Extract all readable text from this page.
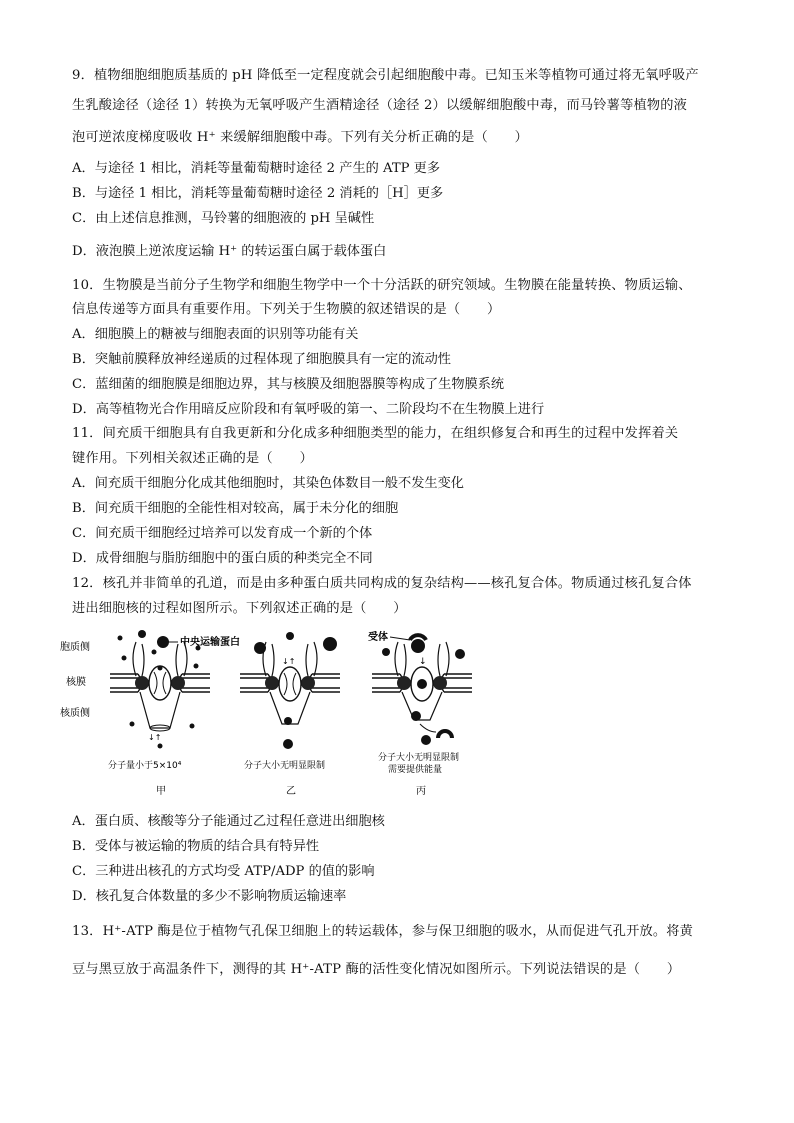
9．植物细胞细胞质基质的 pH 降低至一定程度就会引起细胞酸中毒。已知玉米等植物可通过将无氧呼吸产
生乳酸途径（途径 1）转换为无氧呼吸产生酒精途径（途径 2）以缓解细胞酸中毒，而马铃薯等植物的液
泡可逆浓度梯度吸收 H⁺ 来缓解细胞酸中毒。下列有关分析正确的是（　　）
A．与途径 1 相比，消耗等量葡萄糖时途径 2 产生的 ATP 更多
B．与途径 1 相比，消耗等量葡萄糖时途径 2 消耗的［H］更多
C．由上述信息推测，马铃薯的细胞液的 pH 呈碱性
D．液泡膜上逆浓度运输 H⁺ 的转运蛋白属于载体蛋白
10．生物膜是当前分子生物学和细胞生物学中一个十分活跃的研究领域。生物膜在能量转换、物质运输、
信息传递等方面具有重要作用。下列关于生物膜的叙述错误的是（　　）
A．细胞膜上的糖被与细胞表面的识别等功能有关
B．突触前膜释放神经递质的过程体现了细胞膜具有一定的流动性
C．蓝细菌的细胞膜是细胞边界，其与核膜及细胞器膜等构成了生物膜系统
D．高等植物光合作用暗反应阶段和有氧呼吸的第一、二阶段均不在生物膜上进行
11．间充质干细胞具有自我更新和分化成多种细胞类型的能力，在组织修复合和再生的过程中发挥着关
键作用。下列相关叙述正确的是（　　）
A．间充质干细胞分化成其他细胞时，其染色体数目一般不发生变化
B．间充质干细胞的全能性相对较高，属于未分化的细胞
C．间充质干细胞经过培养可以发育成一个新的个体
D．成骨细胞与脂肪细胞中的蛋白质的种类完全不同
12．核孔并非简单的孔道，而是由多种蛋白质共同构成的复杂结构——核孔复合体。物质通过核孔复合体
进出细胞核的过程如图所示。下列叙述正确的是（　　）
胞质侧
核膜
核质侧
↓↑
分子量小于5×10⁴
甲
中央运输蛋白
↓↑
分子大小无明显限制
乙
↓
受体
分子大小无明显限制
需要提供能量
丙
A．蛋白质、核酸等分子能通过乙过程任意进出细胞核
B．受体与被运输的物质的结合具有特异性
C．三种进出核孔的方式均受 ATP/ADP 的值的影响
D．核孔复合体数量的多少不影响物质运输速率
13．H⁺-ATP 酶是位于植物气孔保卫细胞上的转运载体，参与保卫细胞的吸水，从而促进气孔开放。将黄
豆与黑豆放于高温条件下，测得的其 H⁺-ATP 酶的活性变化情况如图所示。下列说法错误的是（　　）
